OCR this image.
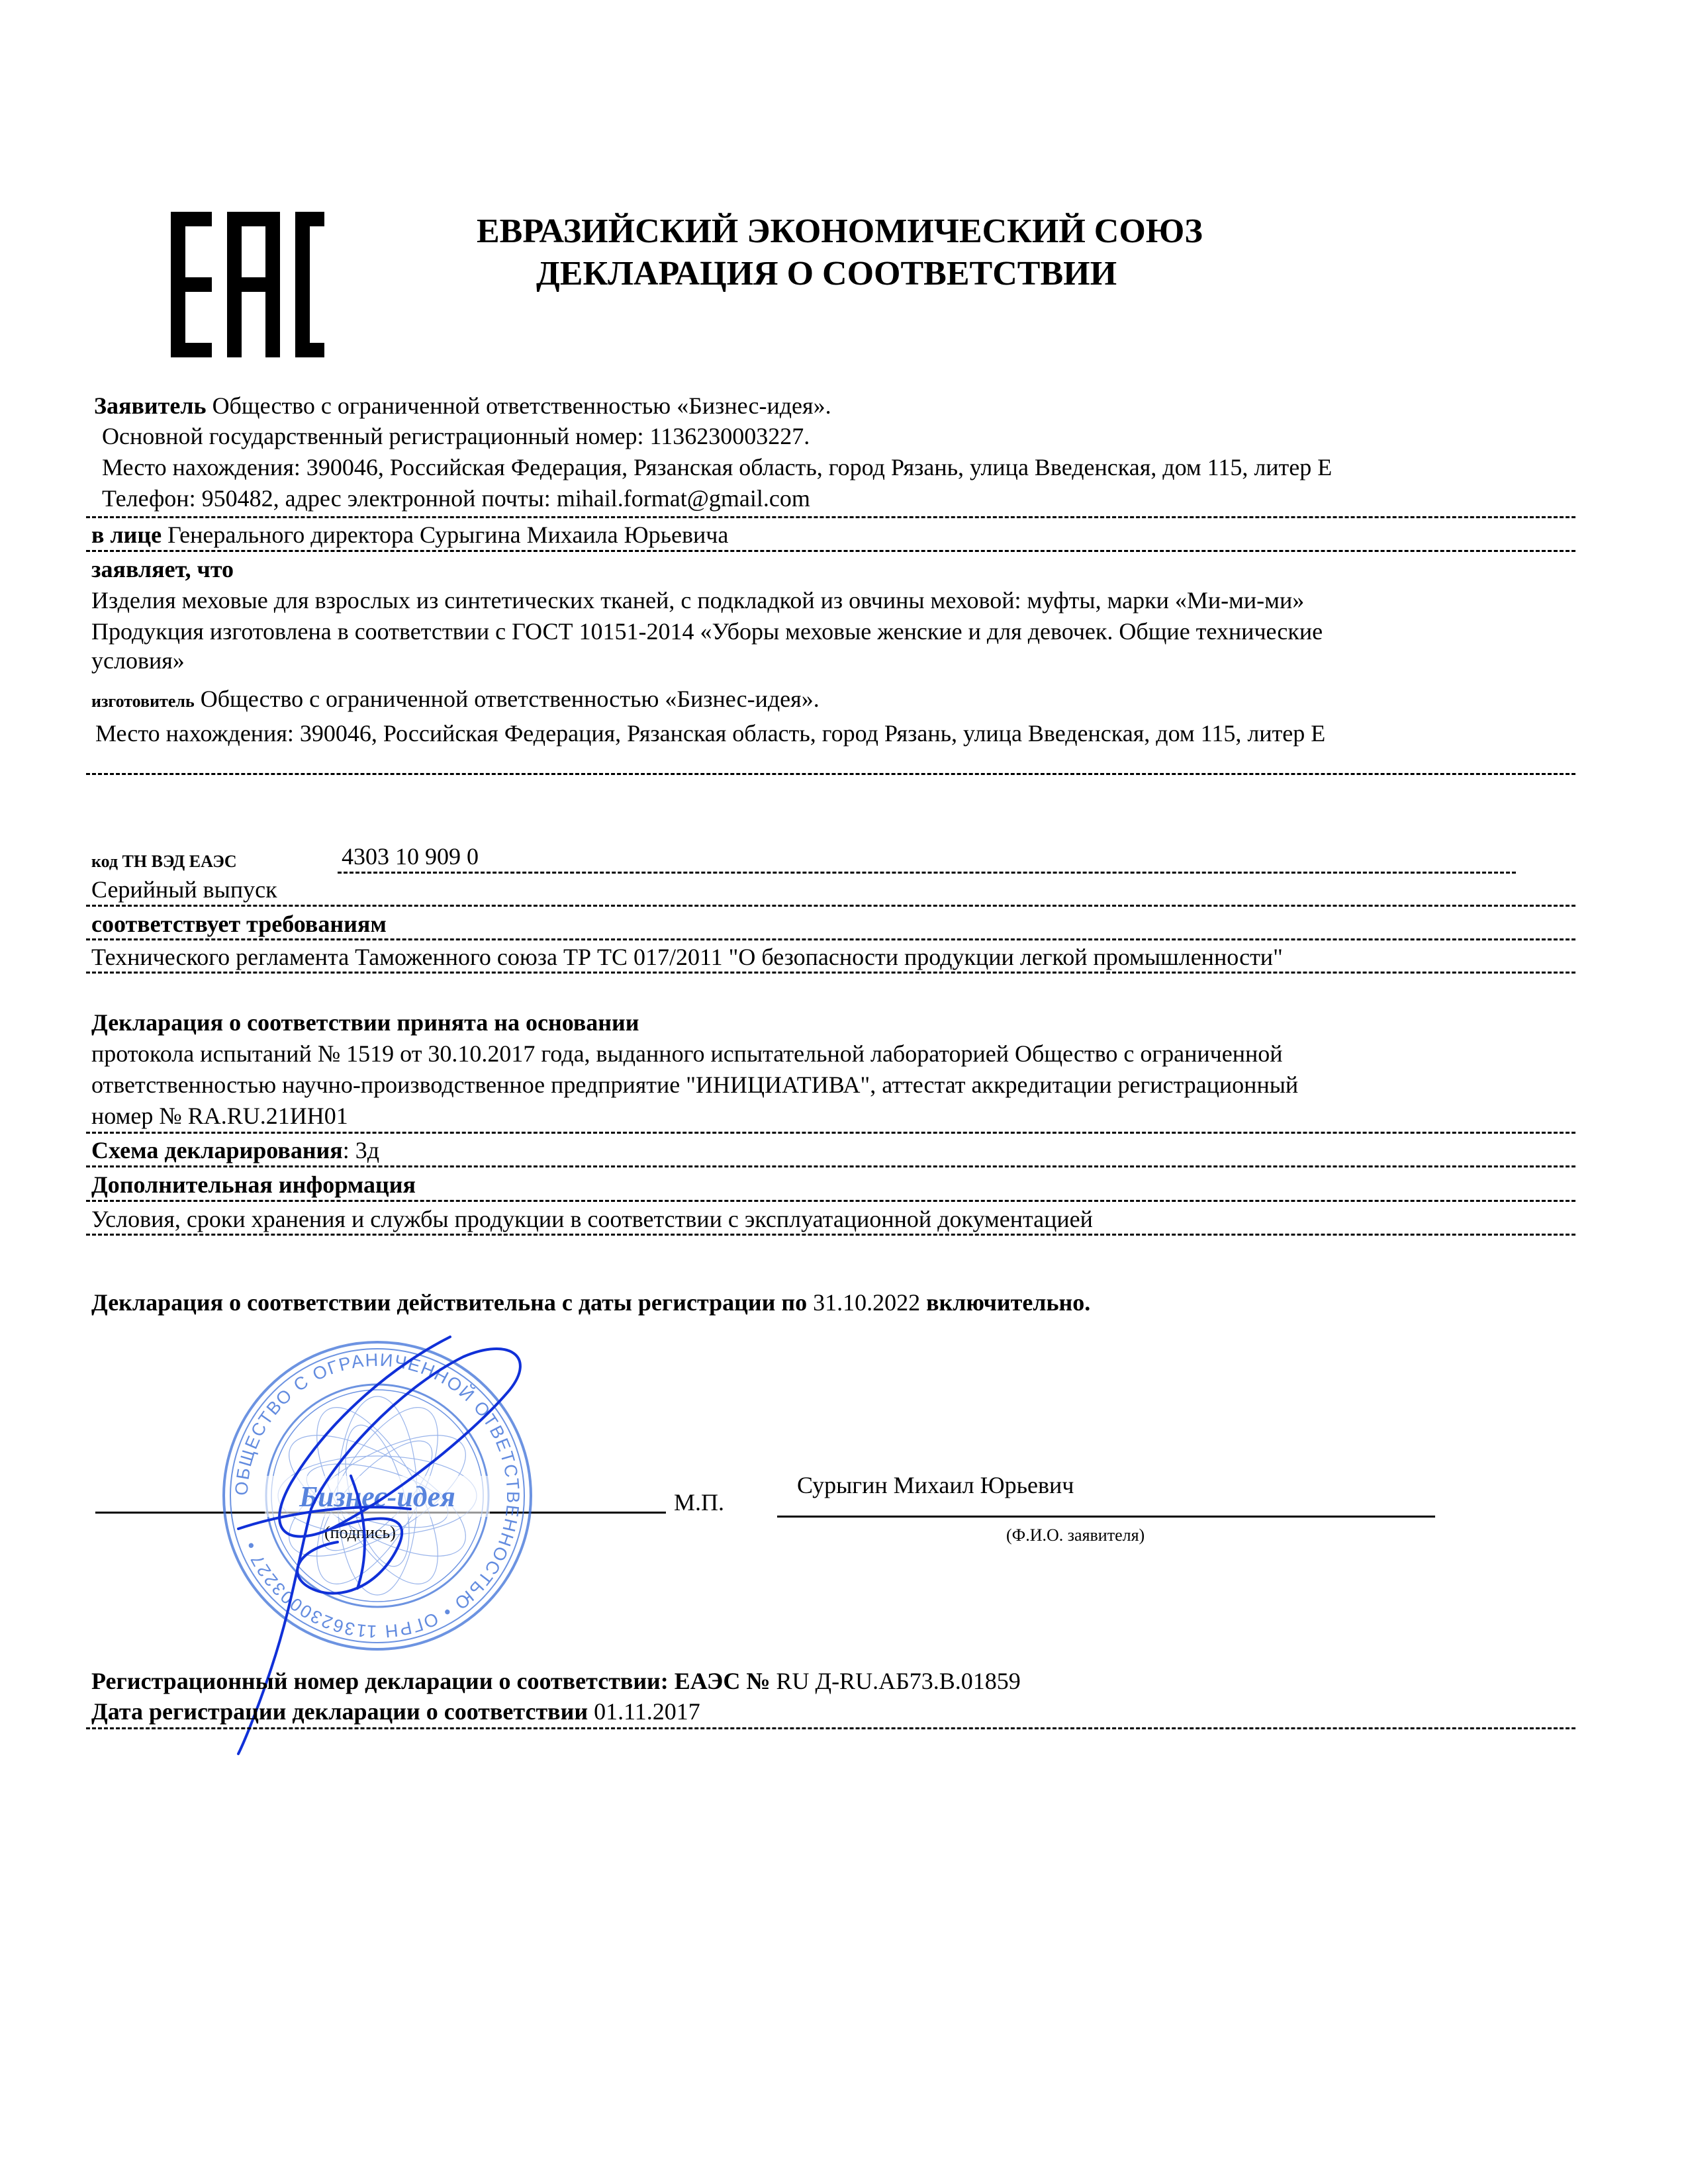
ЕВРАЗИЙСКИЙ ЭКОНОМИЧЕСКИЙ СОЮЗ
ДЕКЛАРАЦИЯ О СООТВЕТСТВИИ
Заявитель Общество с ограниченной ответственностью «Бизнес-идея».
Основной государственный регистрационный номер: 1136230003227.
Место нахождения: 390046, Российская Федерация, Рязанская область, город Рязань, улица Введенская, дом 115, литер Е
Телефон: 950482, адрес электронной почты: mihail.format@gmail.com
в лице Генерального директора Сурыгина Михаила Юрьевича
заявляет, что
Изделия меховые для взрослых из синтетических тканей, с подкладкой из овчины меховой: муфты, марки «Ми-ми-ми»
Продукция изготовлена в соответствии с ГОСТ 10151-2014 «Уборы меховые женские и для девочек. Общие технические
условия»
изготовитель Общество с ограниченной ответственностью «Бизнес-идея».
Место нахождения: 390046, Российская Федерация, Рязанская область, город Рязань, улица Введенская, дом 115, литер Е
код ТН ВЭД ЕАЭС	4303 10 909 0
Серийный выпуск
соответствует требованиям
Технического регламента Таможенного союза ТР ТС 017/2011 "О безопасности продукции легкой промышленности"
Декларация о соответствии принята на основании
протокола испытаний № 1519 от 30.10.2017 года, выданного испытательной лабораторией Общество с ограниченной
ответственностью научно-производственное предприятие "ИНИЦИАТИВА", аттестат аккредитации регистрационный
номер № RA.RU.21ИН01
Схема декларирования: 3д
Дополнительная информация
Условия, сроки хранения и службы продукции в соответствии с эксплуатационной документацией
Декларация о соответствии действительна с даты регистрации по 31.10.2022 включительно.
(подпись)
М.П.
Сурыгин Михаил Юрьевич
(Ф.И.О. заявителя)
ОБЩЕСТВО С ОГРАНИЧЕННОЙ ОТВЕТСТВЕННОСТЬЮ • ОГРН 1136230003227 •
Бизнес-идея
Регистрационный номер декларации о соответствии: ЕАЭС № RU Д-RU.АБ73.В.01859
Дата регистрации декларации о соответствии 01.11.2017
